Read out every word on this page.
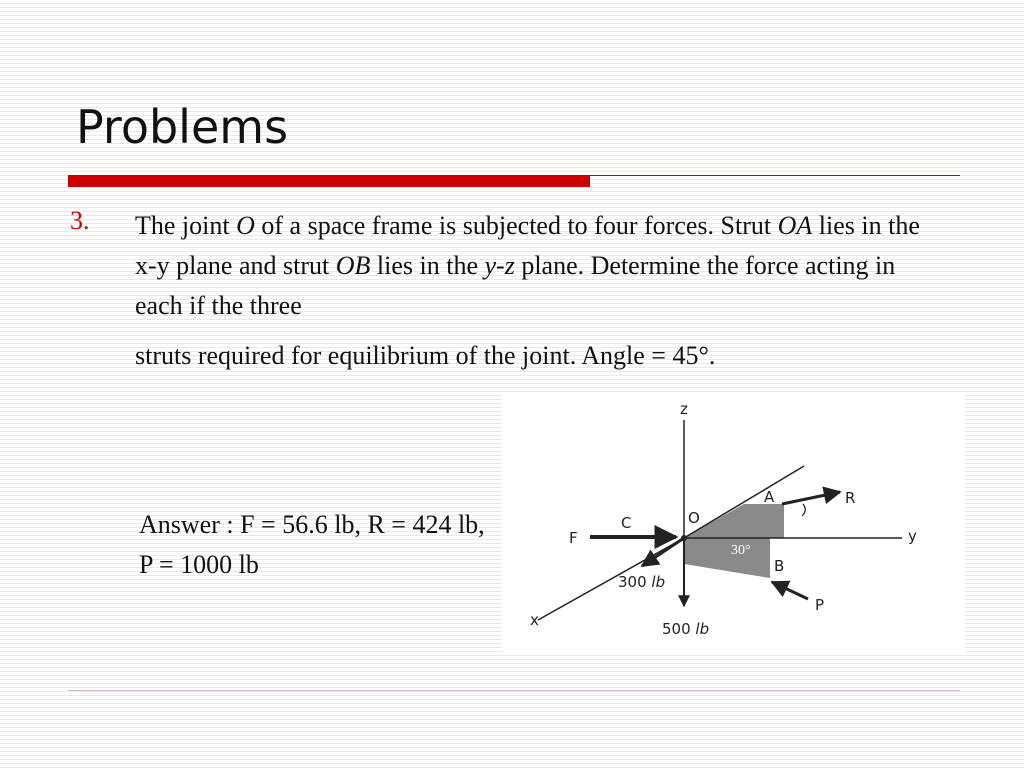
Problems
3. The joint O of a space frame is subjected to four forces. Strut OA lies in the x-y plane and strut OB lies in the y-z plane. Determine the force acting in each if the three
struts required for equilibrium of the joint. Angle = 45°.

Answer : F = 56.6 lb, R = 424 lb, P = 1000 lb

z
y
x
O
A
B
C
F
R
P
30°
300 lb
500 lb
